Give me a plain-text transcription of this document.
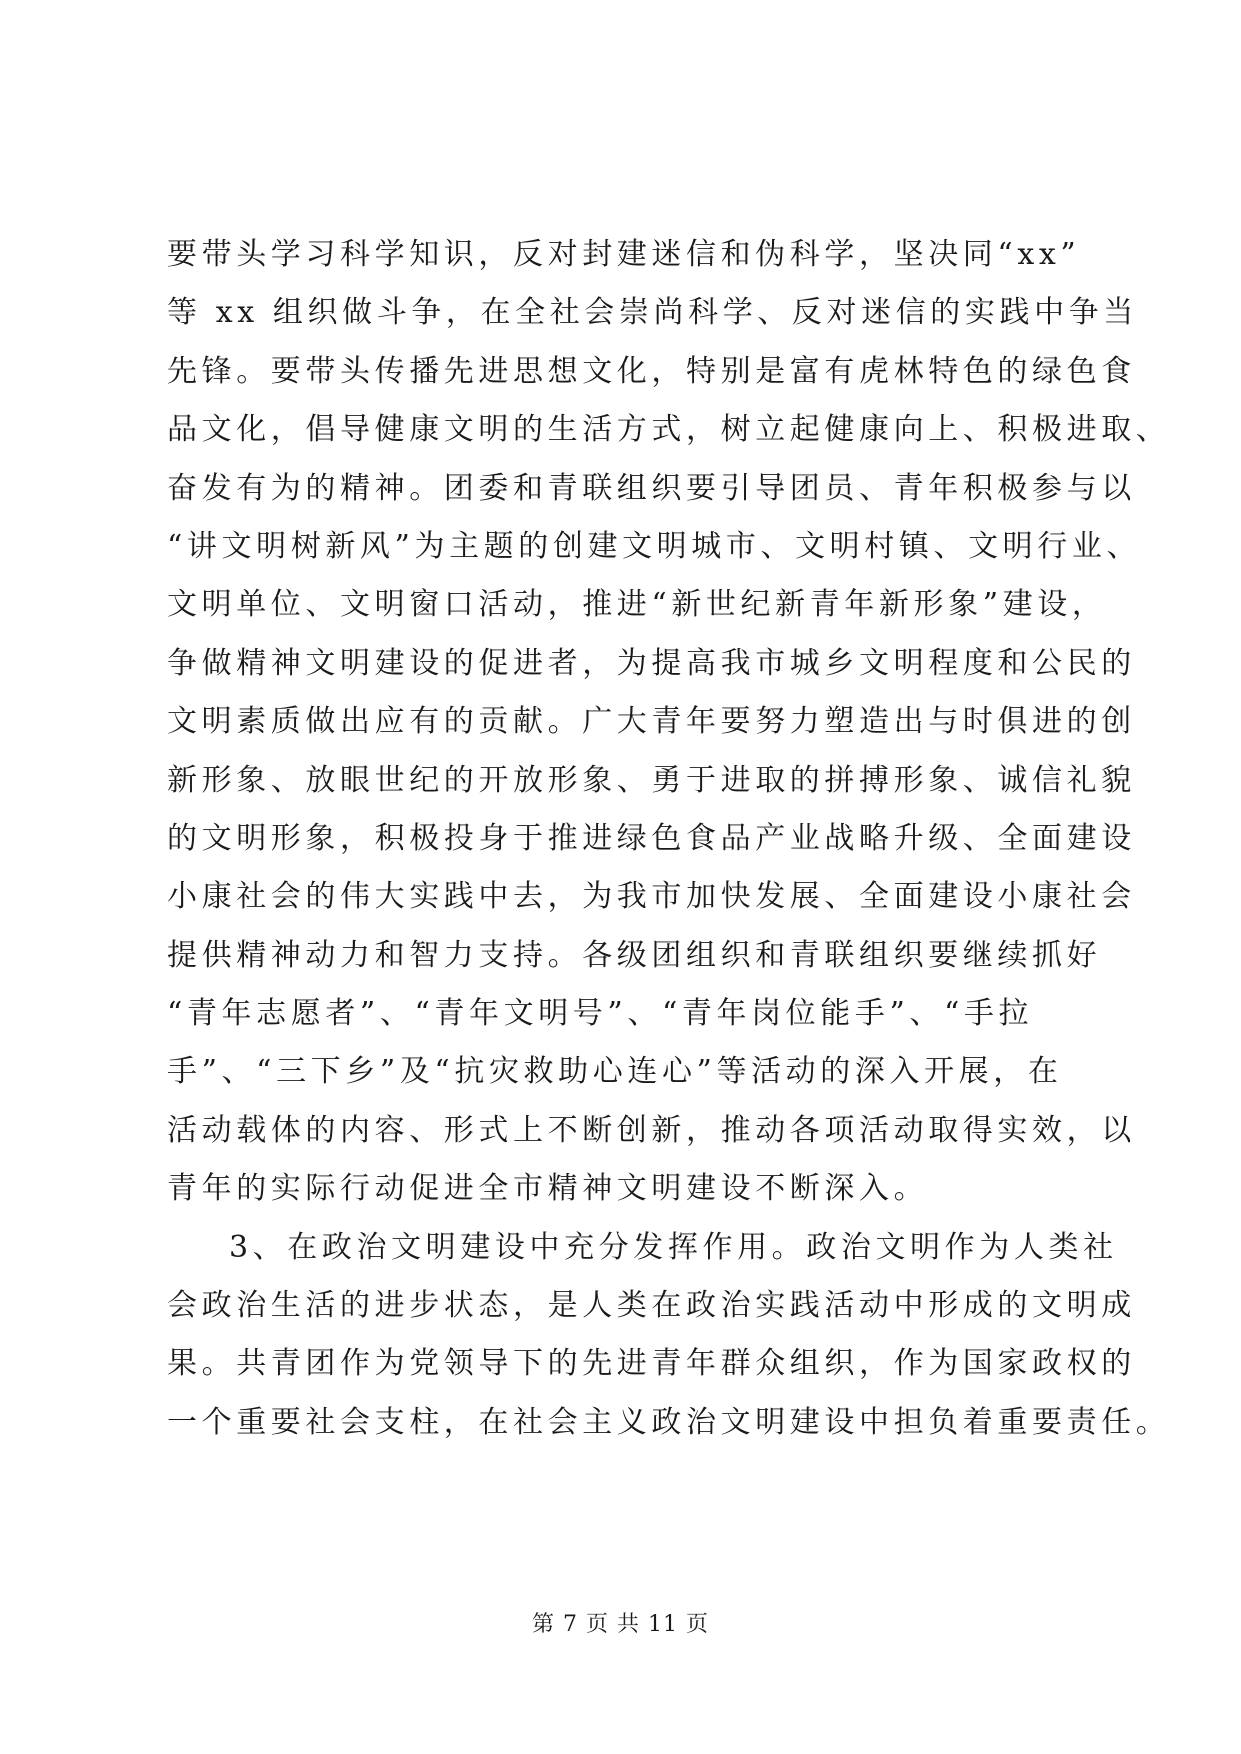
要带头学习科学知识，反对封建迷信和伪科学，坚决同“xx”
等 xx 组织做斗争，在全社会崇尚科学、反对迷信的实践中争当
先锋。要带头传播先进思想文化，特别是富有虎林特色的绿色食
品文化，倡导健康文明的生活方式，树立起健康向上、积极进取、
奋发有为的精神。团委和青联组织要引导团员、青年积极参与以
“讲文明树新风”为主题的创建文明城市、文明村镇、文明行业、
文明单位、文明窗口活动，推进“新世纪新青年新形象”建设，
争做精神文明建设的促进者，为提高我市城乡文明程度和公民的
文明素质做出应有的贡献。广大青年要努力塑造出与时俱进的创
新形象、放眼世纪的开放形象、勇于进取的拼搏形象、诚信礼貌
的文明形象，积极投身于推进绿色食品产业战略升级、全面建设
小康社会的伟大实践中去，为我市加快发展、全面建设小康社会
提供精神动力和智力支持。各级团组织和青联组织要继续抓好
“青年志愿者”、“青年文明号”、“青年岗位能手”、“手拉
手”、“三下乡”及“抗灾救助心连心”等活动的深入开展，在
活动载体的内容、形式上不断创新，推动各项活动取得实效，以
青年的实际行动促进全市精神文明建设不断深入。
3、在政治文明建设中充分发挥作用。政治文明作为人类社
会政治生活的进步状态，是人类在政治实践活动中形成的文明成
果。共青团作为党领导下的先进青年群众组织，作为国家政权的
一个重要社会支柱，在社会主义政治文明建设中担负着重要责任。
第 7 页 共 11 页
